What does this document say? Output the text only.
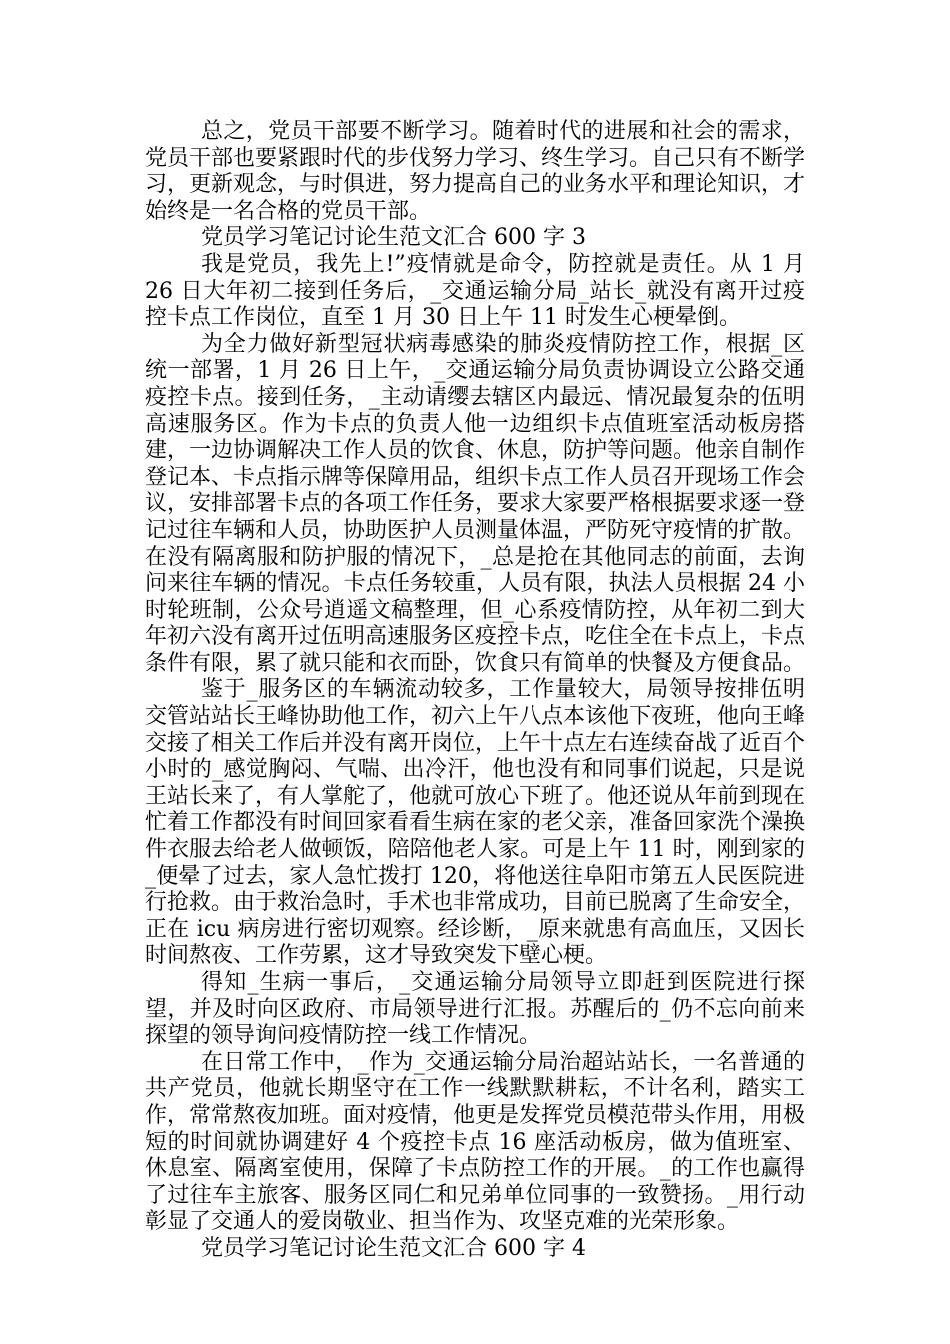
总之，党员干部要不断学习。随着时代的进展和社会的需求，党员干部也要紧跟时代的步伐努力学习、终生学习。自己只有不断学习，更新观念，与时俱进，努力提高自己的业务水平和理论知识，才始终是一名合格的党员干部。

党员学习笔记讨论生范文汇合 600 字 3

我是党员，我先上!”疫情就是命令，防控就是责任。从 1 月 26 日大年初二接到任务后，_交通运输分局_站长_就没有离开过疫控卡点工作岗位，直至 1 月 30 日上午 11 时发生心梗晕倒。

为全力做好新型冠状病毒感染的肺炎疫情防控工作，根据_区统一部署，1 月 26 日上午，_交通运输分局负责协调设立公路交通疫控卡点。接到任务，_主动请缨去辖区内最远、情况最复杂的伍明高速服务区。作为卡点的负责人他一边组织卡点值班室活动板房搭建，一边协调解决工作人员的饮食、休息，防护等问题。他亲自制作登记本、卡点指示牌等保障用品，组织卡点工作人员召开现场工作会议，安排部署卡点的各项工作任务，要求大家要严格根据要求逐一登记过往车辆和人员，协助医护人员测量体温，严防死守疫情的扩散。在没有隔离服和防护服的情况下，_总是抢在其他同志的前面，去询问来往车辆的情况。卡点任务较重，人员有限，执法人员根据 24 小时轮班制，公众号逍遥文稿整理，但_心系疫情防控，从年初二到大年初六没有离开过伍明高速服务区疫控卡点，吃住全在卡点上，卡点条件有限，累了就只能和衣而卧，饮食只有简单的快餐及方便食品。

鉴于_服务区的车辆流动较多，工作量较大，局领导按排伍明交管站站长王峰协助他工作，初六上午八点本该他下夜班，他向王峰交接了相关工作后并没有离开岗位，上午十点左右连续奋战了近百个小时的_感觉胸闷、气喘、出冷汗，他也没有和同事们说起，只是说王站长来了，有人掌舵了，他就可放心下班了。他还说从年前到现在忙着工作都没有时间回家看看生病在家的老父亲，准备回家洗个澡换件衣服去给老人做顿饭，陪陪他老人家。可是上午 11 时，刚到家的_便晕了过去，家人急忙拨打 120，将他送往阜阳市第五人民医院进行抢救。由于救治急时，手术也非常成功，目前已脱离了生命安全，正在 icu 病房进行密切观察。经诊断，_原来就患有高血压，又因长时间熬夜、工作劳累，这才导致突发下壁心梗。

得知_生病一事后，_交通运输分局领导立即赶到医院进行探望，并及时向区政府、市局领导进行汇报。苏醒后的_仍不忘向前来探望的领导询问疫情防控一线工作情况。

在日常工作中，_作为_交通运输分局治超站站长，一名普通的共产党员，他就长期坚守在工作一线默默耕耘，不计名利，踏实工作，常常熬夜加班。面对疫情，他更是发挥党员模范带头作用，用极短的时间就协调建好 4 个疫控卡点 16 座活动板房，做为值班室、休息室、隔离室使用，保障了卡点防控工作的开展。_的工作也赢得了过往车主旅客、服务区同仁和兄弟单位同事的一致赞扬。_用行动彰显了交通人的爱岗敬业、担当作为、攻坚克难的光荣形象。

党员学习笔记讨论生范文汇合 600 字 4
